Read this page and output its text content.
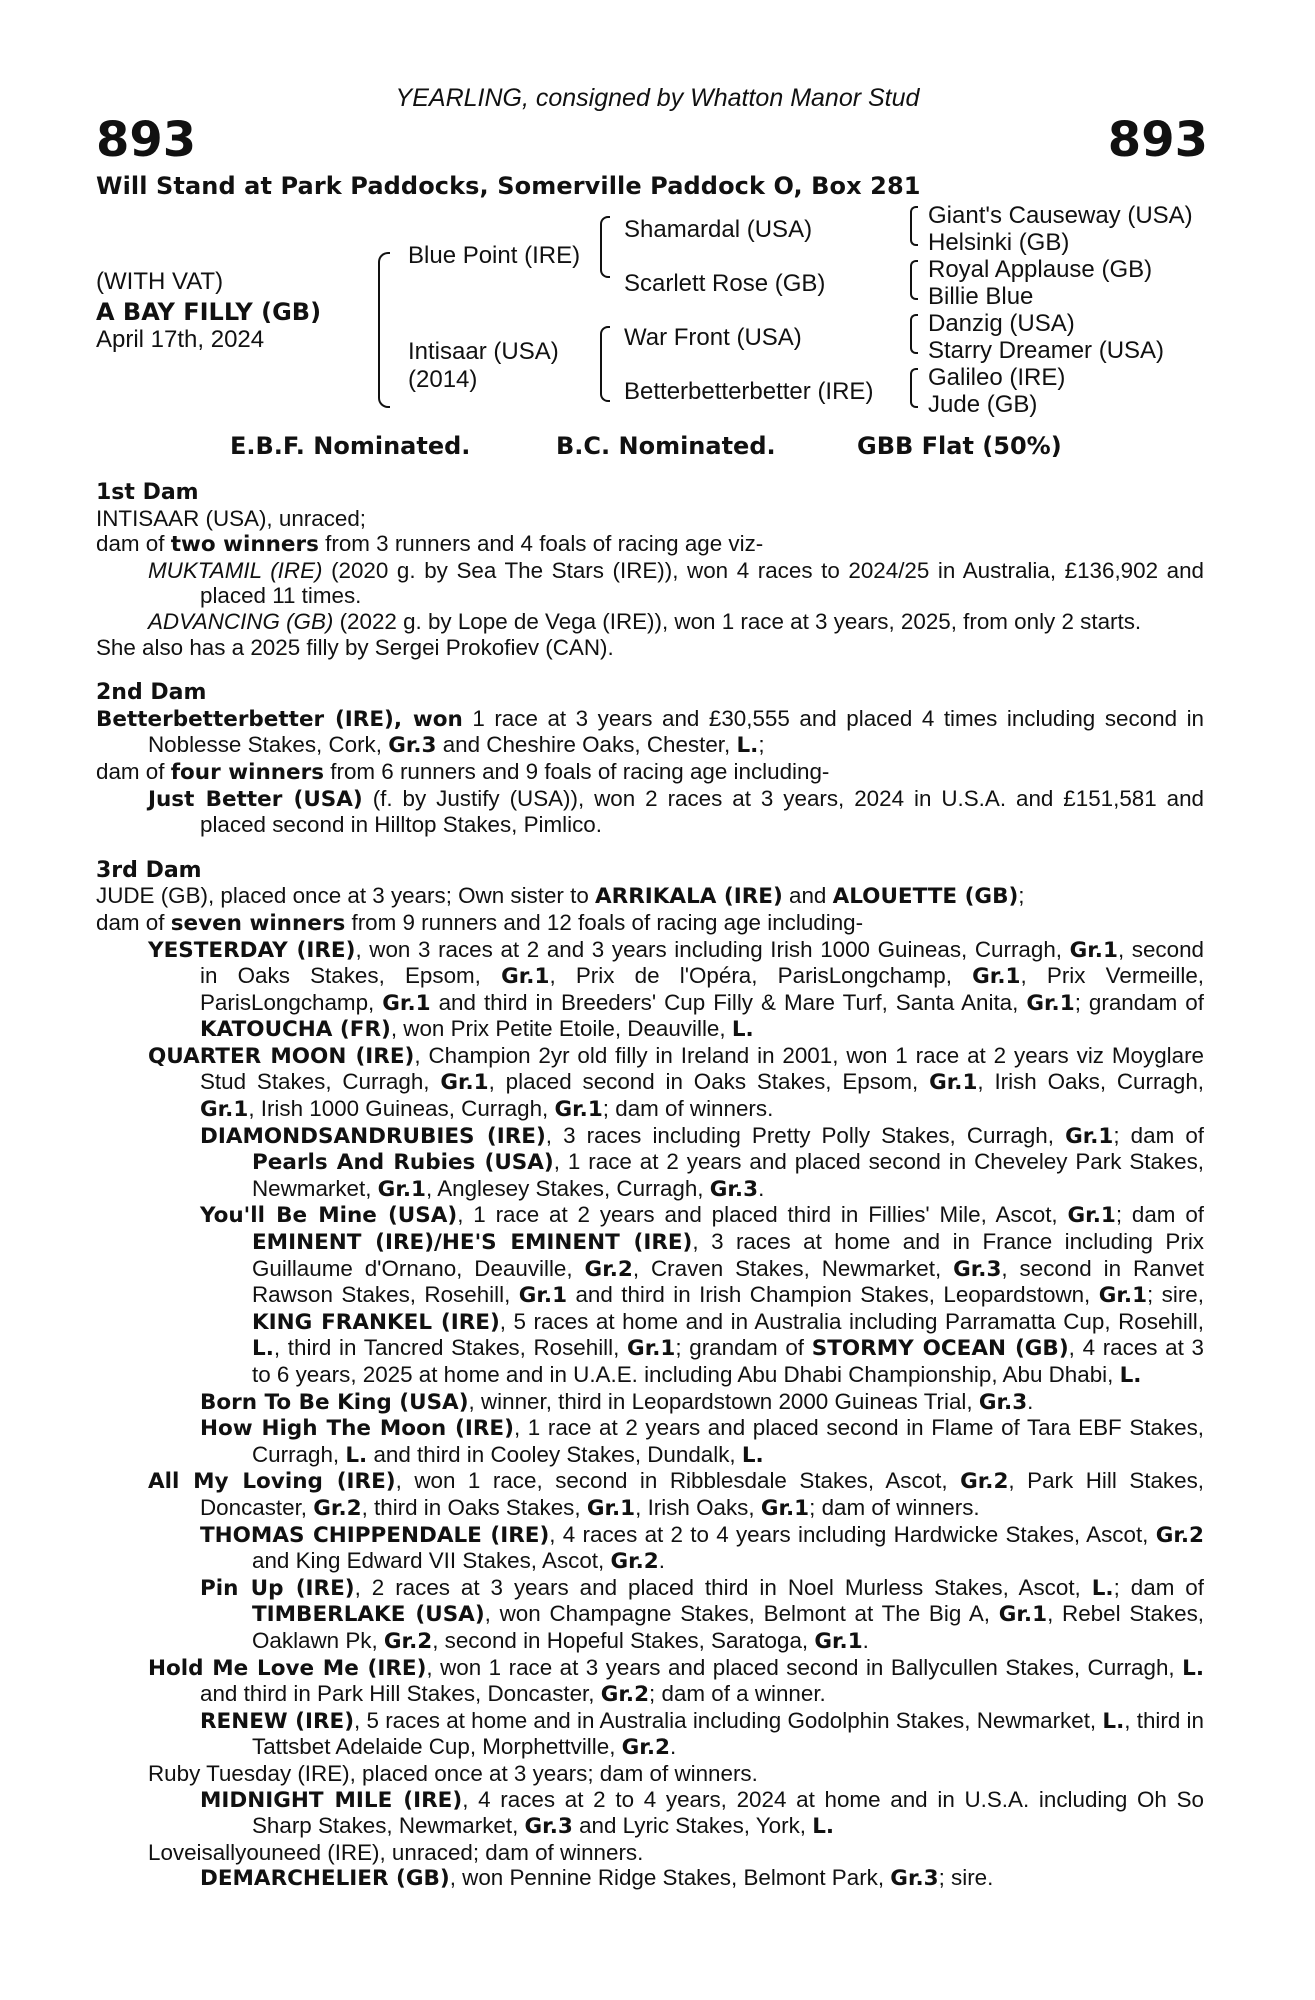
YEARLING, consigned by Whatton Manor Stud
893	893
Will Stand at Park Paddocks, Somerville Paddock O, Box 281
(WITH VAT)
A BAY FILLY (GB)
April 17th, 2024
Blue Point (IRE)
Intisaar (USA)
(2014)
Shamardal (USA)
Scarlett Rose (GB)
War Front (USA)
Betterbetterbetter (IRE)
Giant's Causeway (USA)
Helsinki (GB)
Royal Applause (GB)
Billie Blue
Danzig (USA)
Starry Dreamer (USA)
Galileo (IRE)
Jude (GB)
E.B.F. Nominated.	B.C. Nominated.	GBB Flat (50%)
1st Dam
INTISAAR (USA), unraced;
dam of two winners from 3 runners and 4 foals of racing age viz-
MUKTAMIL (IRE) (2020 g. by Sea The Stars (IRE)), won 4 races to 2024/25 in Australia, £136,902 and placed 11 times.
ADVANCING (GB) (2022 g. by Lope de Vega (IRE)), won 1 race at 3 years, 2025, from only 2 starts.
She also has a 2025 filly by Sergei Prokofiev (CAN).
2nd Dam
Betterbetterbetter (IRE), won 1 race at 3 years and £30,555 and placed 4 times including second in Noblesse Stakes, Cork, Gr.3 and Cheshire Oaks, Chester, L.;
dam of four winners from 6 runners and 9 foals of racing age including-
Just Better (USA) (f. by Justify (USA)), won 2 races at 3 years, 2024 in U.S.A. and £151,581 and placed second in Hilltop Stakes, Pimlico.
3rd Dam
JUDE (GB), placed once at 3 years; Own sister to ARRIKALA (IRE) and ALOUETTE (GB);
dam of seven winners from 9 runners and 12 foals of racing age including-
YESTERDAY (IRE), won 3 races at 2 and 3 years including Irish 1000 Guineas, Curragh, Gr.1, second in Oaks Stakes, Epsom, Gr.1, Prix de l'Opéra, ParisLongchamp, Gr.1, Prix Vermeille, ParisLongchamp, Gr.1 and third in Breeders' Cup Filly & Mare Turf, Santa Anita, Gr.1; grandam of KATOUCHA (FR), won Prix Petite Etoile, Deauville, L.
QUARTER MOON (IRE), Champion 2yr old filly in Ireland in 2001, won 1 race at 2 years viz Moyglare Stud Stakes, Curragh, Gr.1, placed second in Oaks Stakes, Epsom, Gr.1, Irish Oaks, Curragh, Gr.1, Irish 1000 Guineas, Curragh, Gr.1; dam of winners.
DIAMONDSANDRUBIES (IRE), 3 races including Pretty Polly Stakes, Curragh, Gr.1; dam of Pearls And Rubies (USA), 1 race at 2 years and placed second in Cheveley Park Stakes, Newmarket, Gr.1, Anglesey Stakes, Curragh, Gr.3.
You'll Be Mine (USA), 1 race at 2 years and placed third in Fillies' Mile, Ascot, Gr.1; dam of EMINENT (IRE)/HE'S EMINENT (IRE), 3 races at home and in France including Prix Guillaume d'Ornano, Deauville, Gr.2, Craven Stakes, Newmarket, Gr.3, second in Ranvet Rawson Stakes, Rosehill, Gr.1 and third in Irish Champion Stakes, Leopardstown, Gr.1; sire, KING FRANKEL (IRE), 5 races at home and in Australia including Parramatta Cup, Rosehill, L., third in Tancred Stakes, Rosehill, Gr.1; grandam of STORMY OCEAN (GB), 4 races at 3 to 6 years, 2025 at home and in U.A.E. including Abu Dhabi Championship, Abu Dhabi, L.
Born To Be King (USA), winner, third in Leopardstown 2000 Guineas Trial, Gr.3.
How High The Moon (IRE), 1 race at 2 years and placed second in Flame of Tara EBF Stakes, Curragh, L. and third in Cooley Stakes, Dundalk, L.
All My Loving (IRE), won 1 race, second in Ribblesdale Stakes, Ascot, Gr.2, Park Hill Stakes, Doncaster, Gr.2, third in Oaks Stakes, Gr.1, Irish Oaks, Gr.1; dam of winners.
THOMAS CHIPPENDALE (IRE), 4 races at 2 to 4 years including Hardwicke Stakes, Ascot, Gr.2 and King Edward VII Stakes, Ascot, Gr.2.
Pin Up (IRE), 2 races at 3 years and placed third in Noel Murless Stakes, Ascot, L.; dam of TIMBERLAKE (USA), won Champagne Stakes, Belmont at The Big A, Gr.1, Rebel Stakes, Oaklawn Pk, Gr.2, second in Hopeful Stakes, Saratoga, Gr.1.
Hold Me Love Me (IRE), won 1 race at 3 years and placed second in Ballycullen Stakes, Curragh, L. and third in Park Hill Stakes, Doncaster, Gr.2; dam of a winner.
RENEW (IRE), 5 races at home and in Australia including Godolphin Stakes, Newmarket, L., third in Tattsbet Adelaide Cup, Morphettville, Gr.2.
Ruby Tuesday (IRE), placed once at 3 years; dam of winners.
MIDNIGHT MILE (IRE), 4 races at 2 to 4 years, 2024 at home and in U.S.A. including Oh So Sharp Stakes, Newmarket, Gr.3 and Lyric Stakes, York, L.
Loveisallyouneed (IRE), unraced; dam of winners.
DEMARCHELIER (GB), won Pennine Ridge Stakes, Belmont Park, Gr.3; sire.
